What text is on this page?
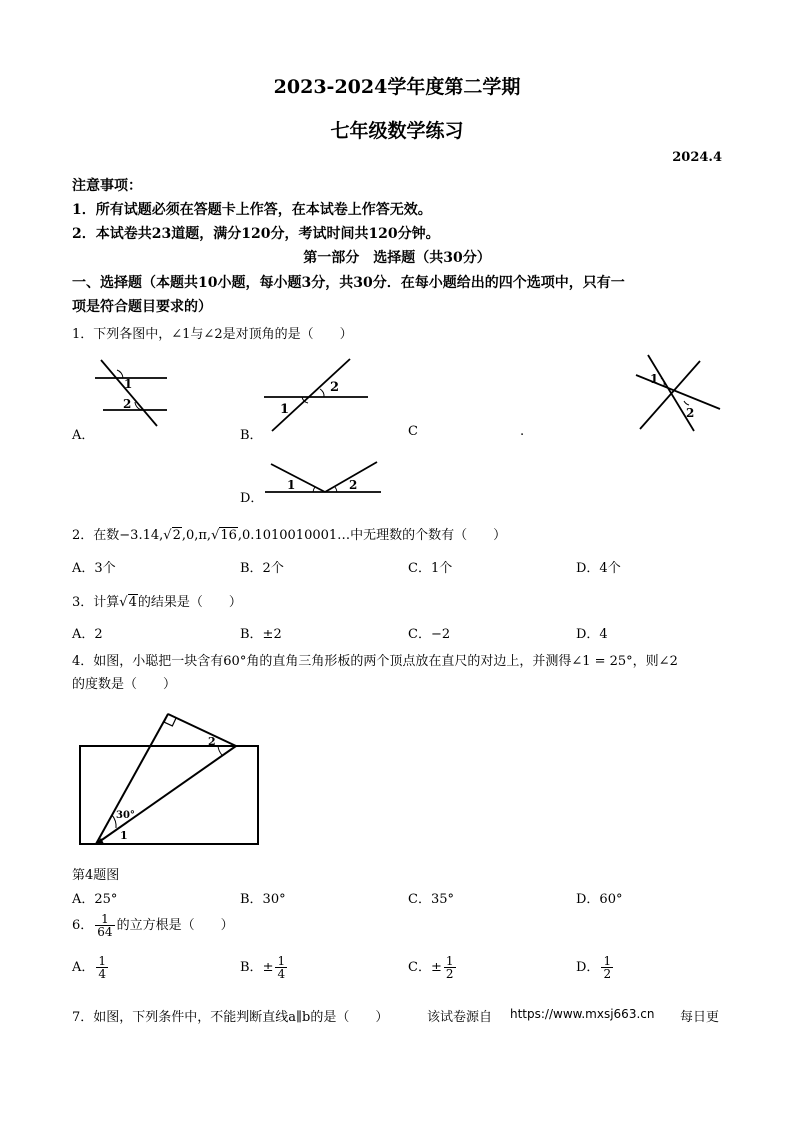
2023-2024学年度第二学期
七年级数学练习
2024.4
注意事项：
1．所有试题必须在答题卡上作答，在本试卷上作答无效。
2．本试卷共23道题，满分120分，考试时间共120分钟。
第一部分　选择题（共30分）
一、选择题（本题共10小题，每小题3分，共30分．在每小题给出的四个选项中，只有一
项是符合题目要求的）
1．下列各图中，∠1与∠2是对顶角的是（　　）
A．
1
2
B．
2
1
C	.
1
2
D．
1	2
2．在数−3.14,√2,0,π,√16,0.1010010001…中无理数的个数有（　　）
A．3个	B．2个	C．1个	D．4个
3．计算√4的结果是（　　）
A．2	B．±2	C．−2	D．4
4．如图，小聪把一块含有60°角的直角三角形板的两个顶点放在直尺的对边上，并测得∠1 = 25°，则∠2
的度数是（　　）
30°
1
2
第4题图
A．25°	B．30°	C．35°	D．60°
6． $\frac{1}{64}$ 的立方根是（　　）
A． $\frac{1}{4}$	B．± $\frac{1}{4}$	C．± $\frac{1}{2}$	D． $\frac{1}{2}$
7．如图，下列条件中，不能判断直线a∥b的是（　　）	该试卷源自 https://www.mxsj663.cn 每日更
